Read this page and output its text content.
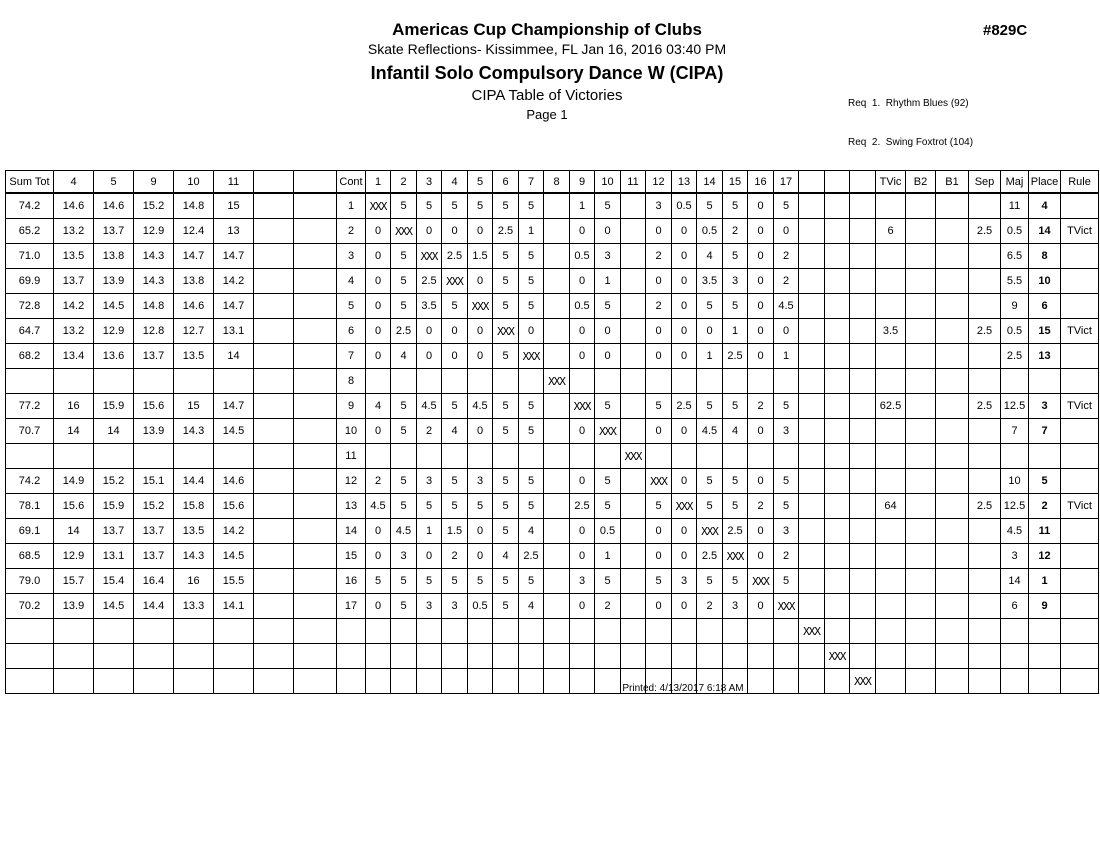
Americas Cup Championship of Clubs
Skate Reflections- Kissimmee, FL Jan 16, 2016 03:40 PM
Infantil Solo Compulsory Dance W (CIPA)
CIPA Table of Victories
Page 1
#829C

Req  1.  Rhythm Blues (92)

Req  2.  Swing Foxtrot (104)

Sum Tot	4	5	9	10	11			Cont	1	2	3	4	5	6	7	8	9	10	11	12	13	14	15	16	17				TVic	B2	B1	Sep	Maj	Place	Rule
74.2	14.6	14.6	15.2	14.8	15			1	XXX	5	5	5	5	5	5		1	5		3	0.5	5	5	0	5								11	4	
65.2	13.2	13.7	12.9	12.4	13			2	0	XXX	0	0	0	2.5	1		0	0		0	0	0.5	2	0	0				6			2.5	0.5	14	TVict
71.0	13.5	13.8	14.3	14.7	14.7			3	0	5	XXX	2.5	1.5	5	5		0.5	3		2	0	4	5	0	2								6.5	8	
69.9	13.7	13.9	14.3	13.8	14.2			4	0	5	2.5	XXX	0	5	5		0	1		0	0	3.5	3	0	2								5.5	10	
72.8	14.2	14.5	14.8	14.6	14.7			5	0	5	3.5	5	XXX	5	5		0.5	5		2	0	5	5	0	4.5								9	6	
64.7	13.2	12.9	12.8	12.7	13.1			6	0	2.5	0	0	0	XXX	0		0	0		0	0	0	1	0	0				3.5			2.5	0.5	15	TVict
68.2	13.4	13.6	13.7	13.5	14			7	0	4	0	0	0	5	XXX		0	0		0	0	1	2.5	0	1								2.5	13	
								8								XXX																			
77.2	16	15.9	15.6	15	14.7			9	4	5	4.5	5	4.5	5	5		XXX	5		5	2.5	5	5	2	5				62.5			2.5	12.5	3	TVict
70.7	14	14	13.9	14.3	14.5			10	0	5	2	4	0	5	5		0	XXX		0	0	4.5	4	0	3								7	7	
								11											XXX																
74.2	14.9	15.2	15.1	14.4	14.6			12	2	5	3	5	3	5	5		0	5		XXX	0	5	5	0	5								10	5	
78.1	15.6	15.9	15.2	15.8	15.6			13	4.5	5	5	5	5	5	5		2.5	5		5	XXX	5	5	2	5				64			2.5	12.5	2	TVict
69.1	14	13.7	13.7	13.5	14.2			14	0	4.5	1	1.5	0	5	4		0	0.5		0	0	XXX	2.5	0	3								4.5	11	
68.5	12.9	13.1	13.7	14.3	14.5			15	0	3	0	2	0	4	2.5		0	1		0	0	2.5	XXX	0	2								3	12	
79.0	15.7	15.4	16.4	16	15.5			16	5	5	5	5	5	5	5		3	5		5	3	5	5	XXX	5								14	1	
70.2	13.9	14.5	14.4	13.3	14.1			17	0	5	3	3	0.5	5	4		0	2		0	0	2	3	0	XXX								6	9	
																										XXX									
																											XXX								
																												XXX							
Printed: 4/13/2017 6:18 AM
